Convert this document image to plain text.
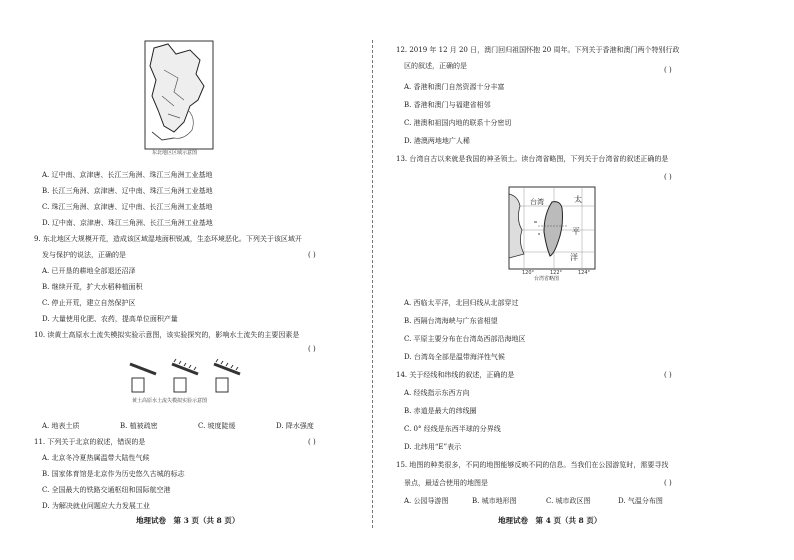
东北地区区域示意图
A. 辽中南、京津唐、长江三角洲、珠江三角洲工业基地
B. 长江三角洲、京津唐、辽中南、珠江三角洲工业基地
C. 珠江三角洲、京津唐、辽中南、长江三角洲工业基地
D. 辽中南、京津唐、珠江三角洲、长江三角洲工业基地
9. 东北地区大规模开荒，造成该区域湿地面积锐减，生态环境恶化。下列关于该区域开
发与保护的说法，正确的是	( )
A. 已开垦的耕地全部退还沼泽
B. 继续开荒，扩大水稻种植面积
C. 停止开荒，建立自然保护区
D. 大量使用化肥、农药，提高单位面积产量
10. 读黄土高原水土流失模拟实验示意图，该实验探究的，影响水土流失的主要因素是
( )
黄土高原水土流失模拟实验示意图
A. 地表土质	B. 植被疏密	C. 坡度陡缓	D. 降水强度
11. 下列关于北京的叙述，错误的是	( )
A. 北京冬冷夏热属温带大陆性气候
B. 国家体育馆是北京作为历史悠久古城的标志
C. 全国最大的铁路交通枢纽和国际航空港
D. 为解决就业问题应大力发展工业
地理试卷　第 3 页（共 8 页）
12. 2019 年 12 月 20 日，澳门回归祖国怀抱 20 周年。下列关于香港和澳门两个特别行政
区的叙述，正确的是	( )
A. 香港和澳门自然资源十分丰富
B. 香港和澳门与福建省相邻
C. 港澳和祖国内地的联系十分密切
D. 港澳两地地广人稀
13. 台湾自古以来就是我国的神圣领土。读台湾省略图，下列关于台湾省的叙述正确的是
( )
120°	122°	124°
台湾	太
平
洋
台湾省略图
A. 西临太平洋，北回归线从北部穿过
B. 西隔台湾海峡与广东省相望
C. 平原主要分布在台湾岛西部沿海地区
D. 台湾岛全部是温带海洋性气候
14. 关于经线和纬线的叙述，正确的是	( )
A. 经线指示东西方向
B. 赤道是最大的纬线圈
C. 0° 经线是东西半球的分界线
D. 北纬用“E”表示
15. 地图的种类很多，不同的地图能够反映不同的信息。当我们在公园游览时，需要寻找
景点，最适合使用的地图是	( )
A. 公园导游图	B. 城市地形图	C. 城市政区图	D. 气温分布图
地理试卷　第 4 页（共 8 页）
